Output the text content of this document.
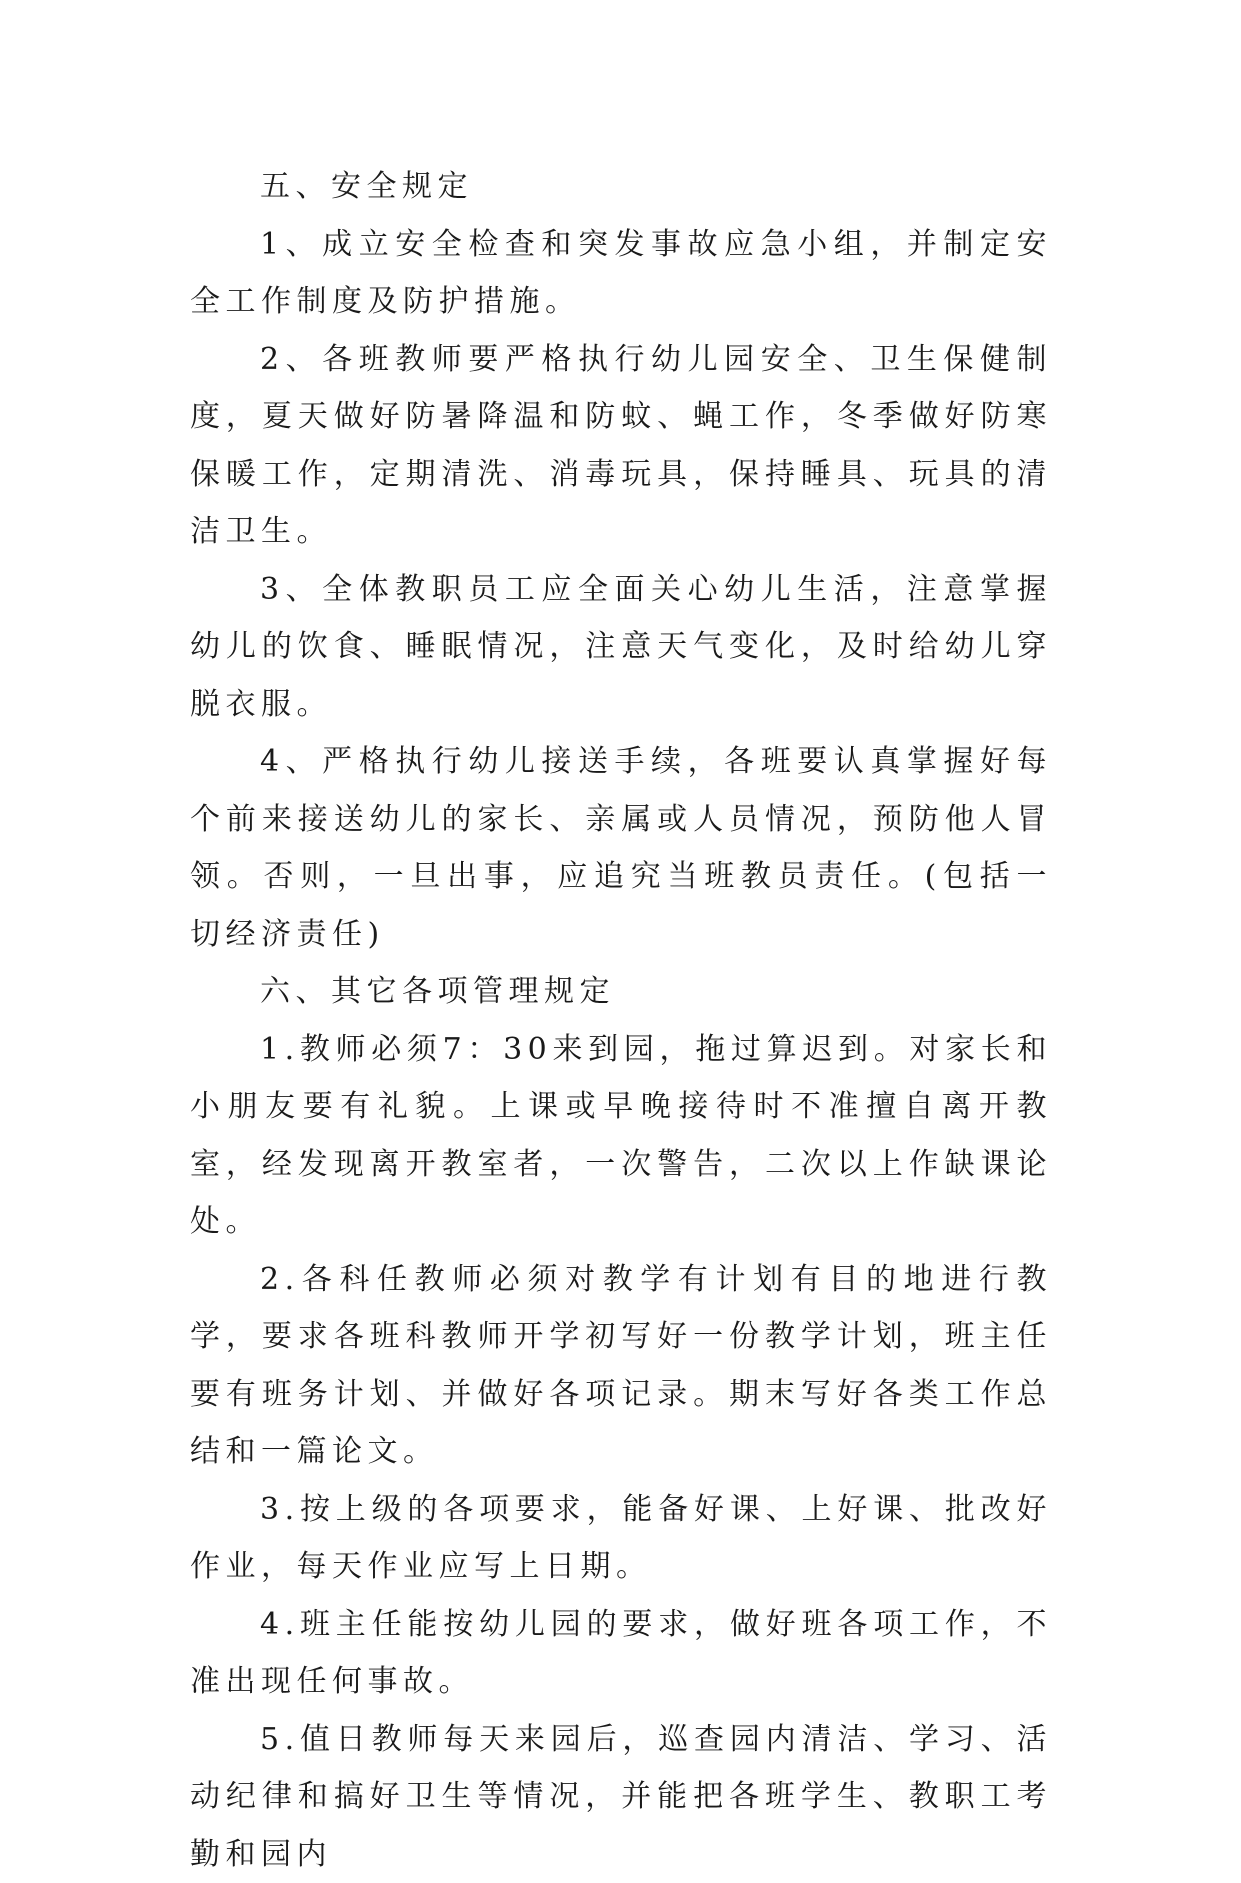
五、安全规定

1、成立安全检查和突发事故应急小组，并制定安全工作制度及防护措施。

2、各班教师要严格执行幼儿园安全、卫生保健制度，夏天做好防暑降温和防蚊、蝇工作，冬季做好防寒保暖工作，定期清洗、消毒玩具，保持睡具、玩具的清洁卫生。

3、全体教职员工应全面关心幼儿生活，注意掌握幼儿的饮食、睡眠情况，注意天气变化，及时给幼儿穿脱衣服。

4、严格执行幼儿接送手续，各班要认真掌握好每个前来接送幼儿的家长、亲属或人员情况，预防他人冒领。否则，一旦出事，应追究当班教员责任。(包括一切经济责任)

六、其它各项管理规定

1.教师必须7：30来到园，拖过算迟到。对家长和小朋友要有礼貌。上课或早晚接待时不准擅自离开教室，经发现离开教室者，一次警告，二次以上作缺课论处。

2.各科任教师必须对教学有计划有目的地进行教学，要求各班科教师开学初写好一份教学计划，班主任要有班务计划、并做好各项记录。期末写好各类工作总结和一篇论文。

3.按上级的各项要求，能备好课、上好课、批改好作业，每天作业应写上日期。

4.班主任能按幼儿园的要求，做好班各项工作，不准出现任何事故。

5.值日教师每天来园后，巡查园内清洁、学习、活动纪律和搞好卫生等情况，并能把各班学生、教职工考勤和园内
